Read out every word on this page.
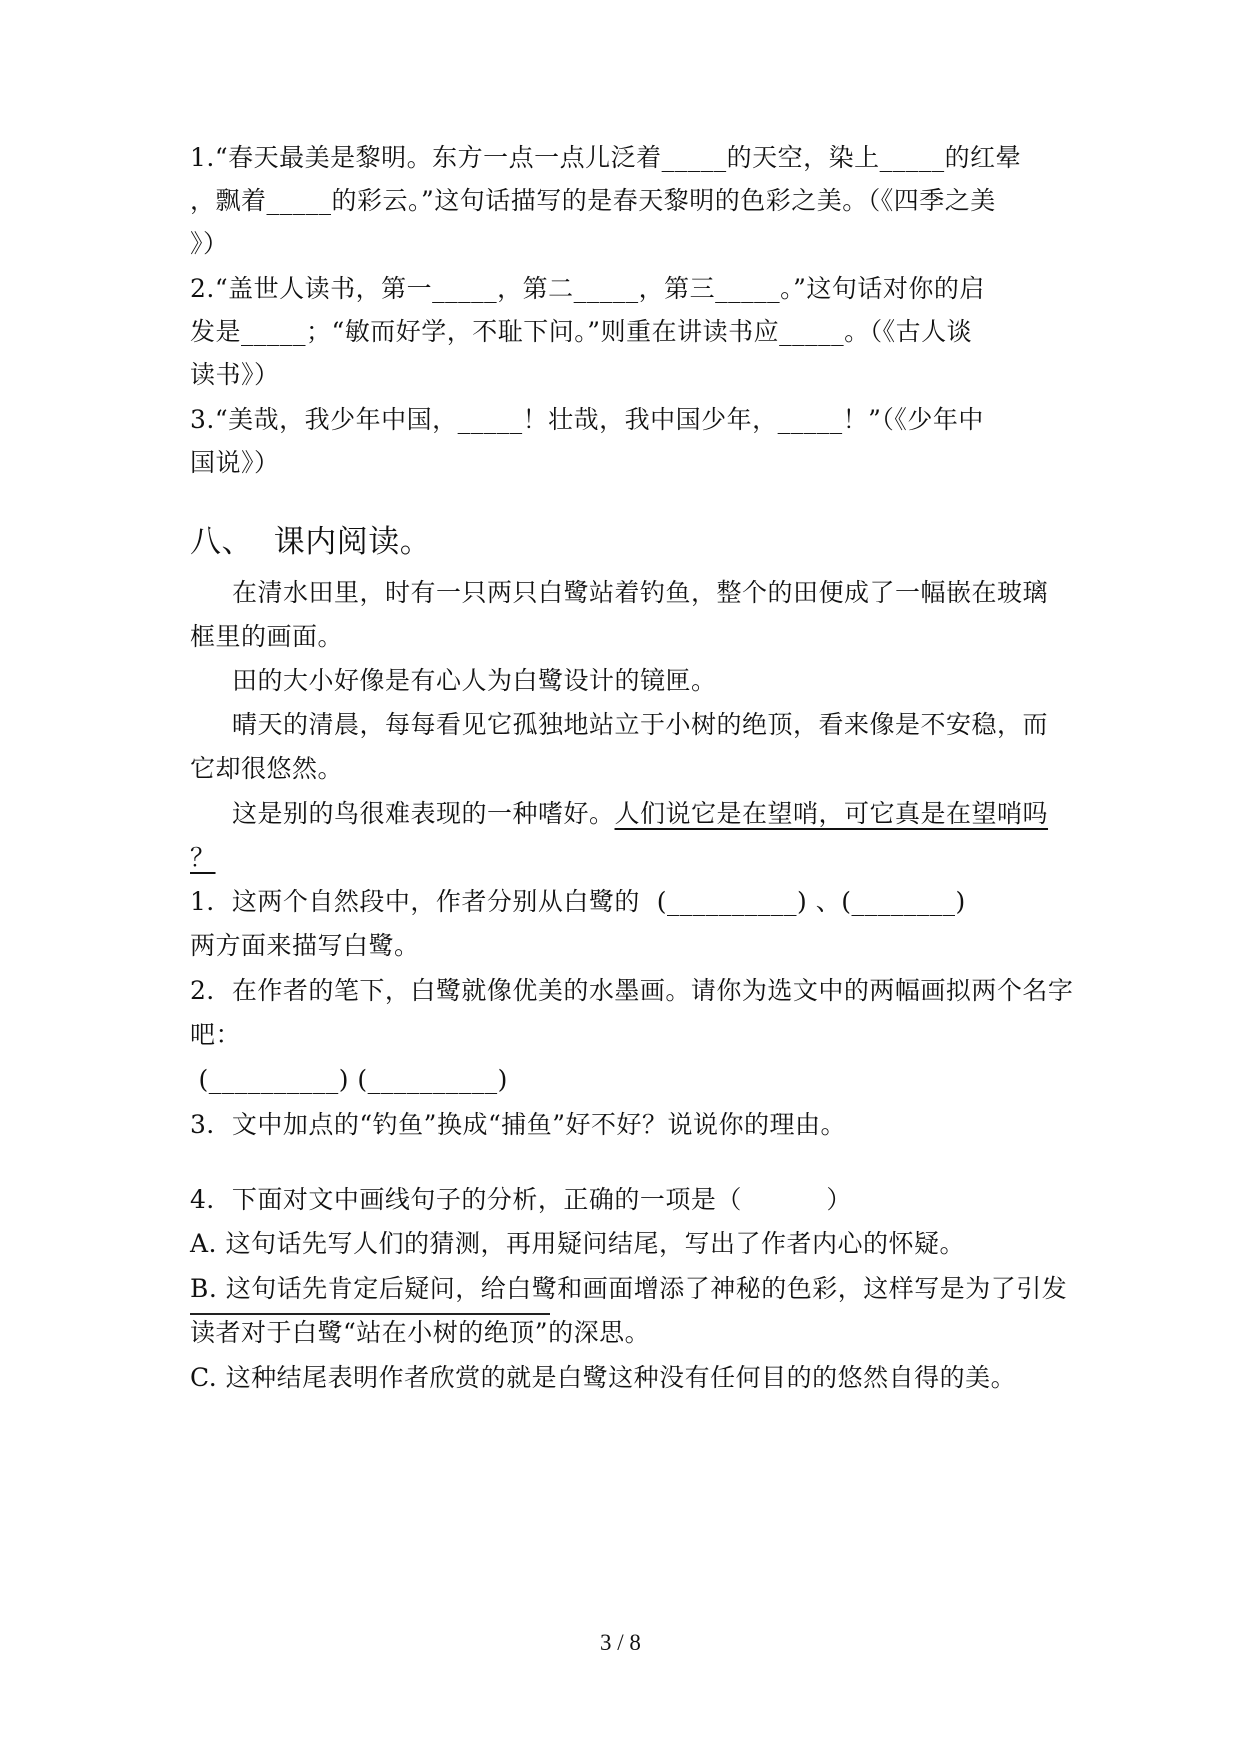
1.“春天最美是黎明。东方一点一点儿泛着_____的天空，染上_____的红晕
，飘着_____的彩云。”这句话描写的是春天黎明的色彩之美。（《四季之美
》）
2.“盖世人读书，第一_____，第二_____，第三_____。”这句话对你的启
发是_____；“敏而好学，不耻下问。”则重在讲读书应_____。（《古人谈
读书》）
3.“美哉，我少年中国，_____！壮哉，我中国少年，_____！”（《少年中
国说》）
八、  课内阅读。
在清水田里，时有一只两只白鹭站着钓鱼，整个的田便成了一幅嵌在玻璃
框里的画面。
田的大小好像是有心人为白鹭设计的镜匣。
晴天的清晨，每每看见它孤独地站立于小树的绝顶，看来像是不安稳，而
它却很悠然。
这是别的鸟很难表现的一种嗜好。人们说它是在望哨，可它真是在望哨吗
？
1．这两个自然段中，作者分别从白鹭的  (__________) 、(________)
两方面来描写白鹭。
2．在作者的笔下，白鹭就像优美的水墨画。请你为选文中的两幅画拟两个名字
吧：
(__________) (__________)
3．文中加点的“钓鱼”换成“捕鱼”好不好？说说你的理由。
4．下面对文中画线句子的分析，正确的一项是（          ）
A. 这句话先写人们的猜测，再用疑问结尾，写出了作者内心的怀疑。
B. 这句话先肯定后疑问，给白鹭和画面增添了神秘的色彩，这样写是为了引发
读者对于白鹭“站在小树的绝顶”的深思。
C. 这种结尾表明作者欣赏的就是白鹭这种没有任何目的的悠然自得的美。
3 / 8
